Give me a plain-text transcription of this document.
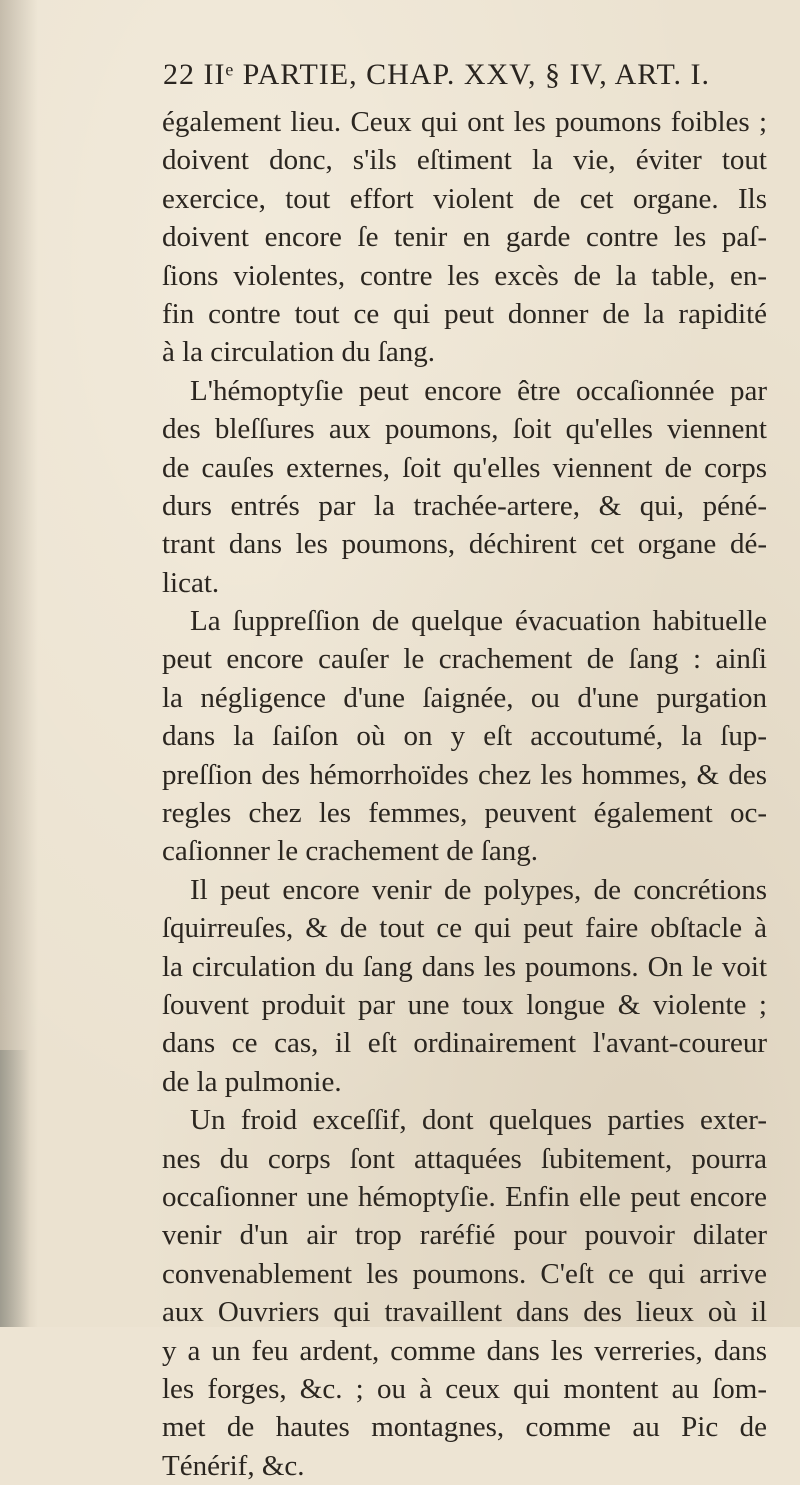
22 IIᵉ PARTIE, CHAP. XXV, § IV, ART. I.
également lieu. Ceux qui ont les poumons foibles ;
doivent donc, s'ils eſtiment la vie, éviter tout
exercice, tout effort violent de cet organe. Ils
doivent encore ſe tenir en garde contre les paſ-
ſions violentes, contre les excès de la table, en-
fin contre tout ce qui peut donner de la rapidité
à la circulation du ſang.
L'hémoptyſie peut encore être occaſionnée par
des bleſſures aux poumons, ſoit qu'elles viennent
de cauſes externes, ſoit qu'elles viennent de corps
durs entrés par la trachée-artere, & qui, péné-
trant dans les poumons, déchirent cet organe dé-
licat.
La ſuppreſſion de quelque évacuation habituelle
peut encore cauſer le crachement de ſang : ainſi
la négligence d'une ſaignée, ou d'une purgation
dans la ſaiſon où on y eſt accoutumé, la ſup-
preſſion des hémorrhoïdes chez les hommes, & des
regles chez les femmes, peuvent également oc-
caſionner le crachement de ſang.
Il peut encore venir de polypes, de concrétions
ſquirreuſes, & de tout ce qui peut faire obſtacle à
la circulation du ſang dans les poumons. On le voit
ſouvent produit par une toux longue & violente ;
dans ce cas, il eſt ordinairement l'avant-coureur
de la pulmonie.
Un froid exceſſif, dont quelques parties exter-
nes du corps ſont attaquées ſubitement, pourra
occaſionner une hémoptyſie. Enfin elle peut encore
venir d'un air trop raréfié pour pouvoir dilater
convenablement les poumons. C'eſt ce qui arrive
aux Ouvriers qui travaillent dans des lieux où il
y a un feu ardent, comme dans les verreries, dans
les forges, &c. ; ou à ceux qui montent au ſom-
met de hautes montagnes, comme au Pic de
Ténérif, &c.
